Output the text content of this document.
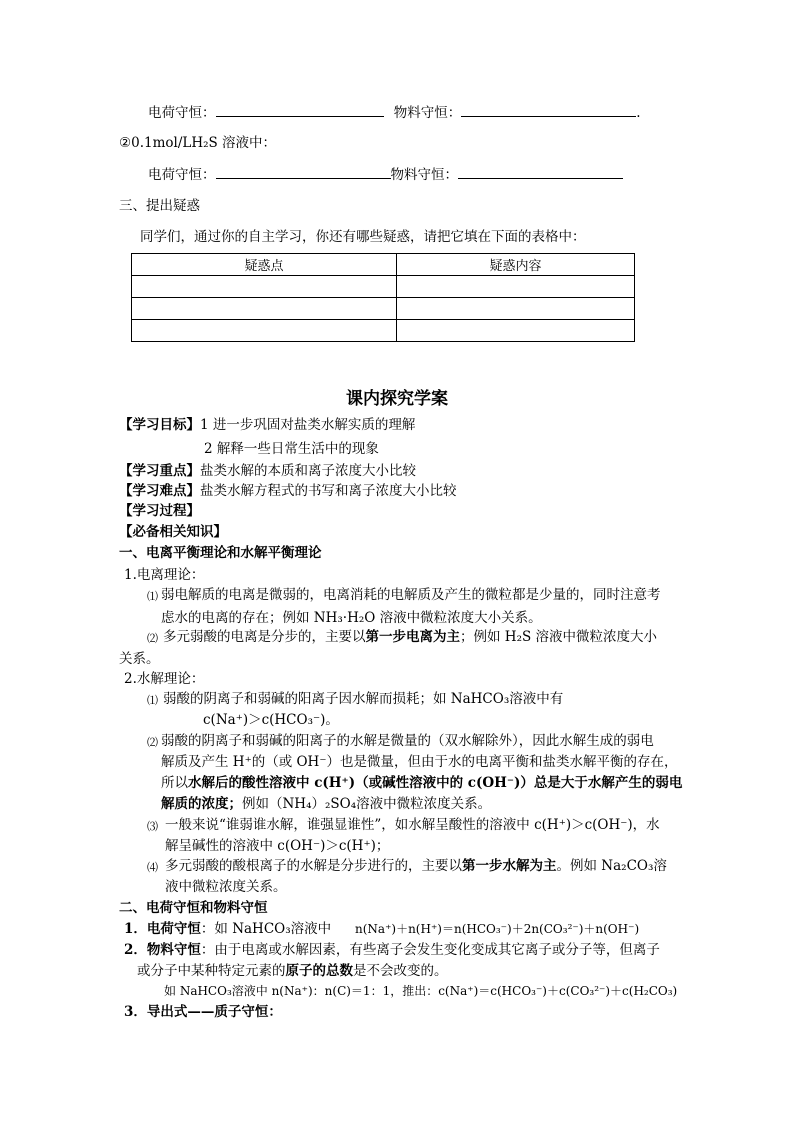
电荷守恒：	物料守恒：	.
②0.1mol/LH₂S 溶液中：
电荷守恒：	物料守恒：
三、提出疑惑
同学们，通过你的自主学习，你还有哪些疑惑，请把它填在下面的表格中：
疑惑点	疑惑内容

课内探究学案
【学习目标】1 进一步巩固对盐类水解实质的理解
2 解释一些日常生活中的现象
【学习重点】盐类水解的本质和离子浓度大小比较
【学习难点】盐类水解方程式的书写和离子浓度大小比较
【学习过程】
【必备相关知识】
一、电离平衡理论和水解平衡理论
1.电离理论：
⑴ 弱电解质的电离是微弱的，电离消耗的电解质及产生的微粒都是少量的，同时注意考
虑水的电离的存在；例如 NH₃·H₂O 溶液中微粒浓度大小关系。
⑵ 多元弱酸的电离是分步的，主要以第一步电离为主；例如 H₂S 溶液中微粒浓度大小
关系。
2.水解理论：
⑴ 弱酸的阴离子和弱碱的阳离子因水解而损耗；如 NaHCO₃溶液中有
c(Na⁺)＞c(HCO₃⁻)。
⑵ 弱酸的阴离子和弱碱的阳离子的水解是微量的（双水解除外），因此水解生成的弱电
解质及产生 H⁺的（或 OH⁻）也是微量，但由于水的电离平衡和盐类水解平衡的存在，
所以水解后的酸性溶液中 c(H⁺)（或碱性溶液中的 c(OH⁻)）总是大于水解产生的弱电
解质的浓度；例如（NH₄）₂SO₄溶液中微粒浓度关系。
⑶ 一般来说“谁弱谁水解，谁强显谁性”，如水解呈酸性的溶液中 c(H⁺)＞c(OH⁻)，水
解呈碱性的溶液中 c(OH⁻)＞c(H⁺)；
⑷ 多元弱酸的酸根离子的水解是分步进行的，主要以第一步水解为主。例如 Na₂CO₃溶
液中微粒浓度关系。
二、电荷守恒和物料守恒
1．电荷守恒：如 NaHCO₃溶液中 n(Na⁺)＋n(H⁺)＝n(HCO₃⁻)＋2n(CO₃²⁻)＋n(OH⁻)
2．物料守恒：由于电离或水解因素，有些离子会发生变化变成其它离子或分子等，但离子
或分子中某种特定元素的原子的总数是不会改变的。
如 NaHCO₃溶液中 n(Na⁺)：n(C)＝1：1，推出：c(Na⁺)＝c(HCO₃⁻)＋c(CO₃²⁻)＋c(H₂CO₃)
3．导出式——质子守恒：
